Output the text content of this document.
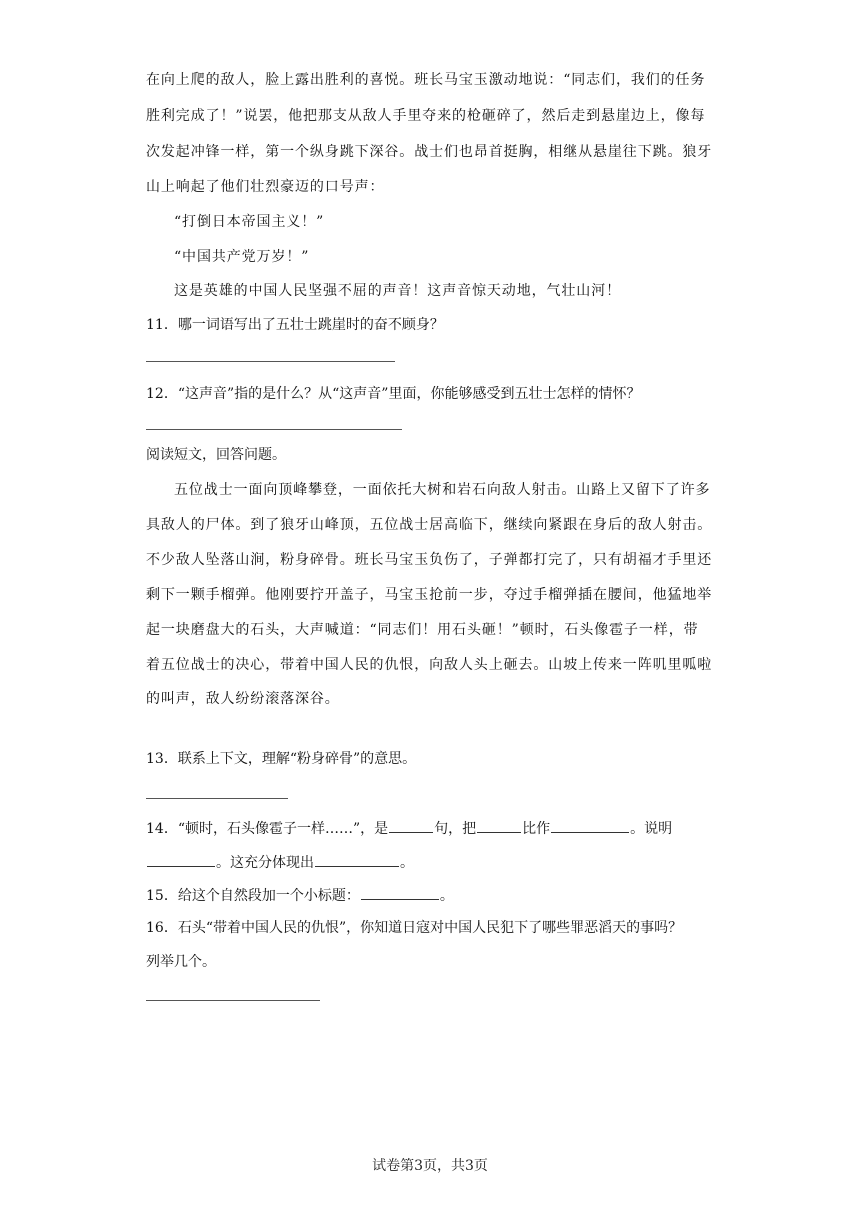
在向上爬的敌人，脸上露出胜利的喜悦。班长马宝玉激动地说：“同志们，我们的任务
胜利完成了！”说罢，他把那支从敌人手里夺来的枪砸碎了，然后走到悬崖边上，像每
次发起冲锋一样，第一个纵身跳下深谷。战士们也昂首挺胸，相继从悬崖往下跳。狼牙
山上响起了他们壮烈豪迈的口号声：
“打倒日本帝国主义！”
“中国共产党万岁！”
这是英雄的中国人民坚强不屈的声音！这声音惊天动地，气壮山河！
11．哪一词语写出了五壮士跳崖时的奋不顾身？
12．“这声音”指的是什么？从“这声音”里面，你能够感受到五壮士怎样的情怀？
阅读短文，回答问题。
五位战士一面向顶峰攀登，一面依托大树和岩石向敌人射击。山路上又留下了许多
具敌人的尸体。到了狼牙山峰顶，五位战士居高临下，继续向紧跟在身后的敌人射击。
不少敌人坠落山涧，粉身碎骨。班长马宝玉负伤了，子弹都打完了，只有胡福才手里还
剩下一颗手榴弹。他刚要拧开盖子，马宝玉抢前一步，夺过手榴弹插在腰间，他猛地举
起一块磨盘大的石头，大声喊道：“同志们！用石头砸！”顿时，石头像雹子一样，带
着五位战士的决心，带着中国人民的仇恨，向敌人头上砸去。山坡上传来一阵叽里呱啦
的叫声，敌人纷纷滚落深谷。
13．联系上下文，理解“粉身碎骨”的意思。
14．“顿时，石头像雹子一样……”，是	句，把	比作	。说明
。这充分体现出	。
15．给这个自然段加一个小标题：	。
16．石头“带着中国人民的仇恨”，你知道日寇对中国人民犯下了哪些罪恶滔天的事吗？
列举几个。
试卷第3页，共3页
